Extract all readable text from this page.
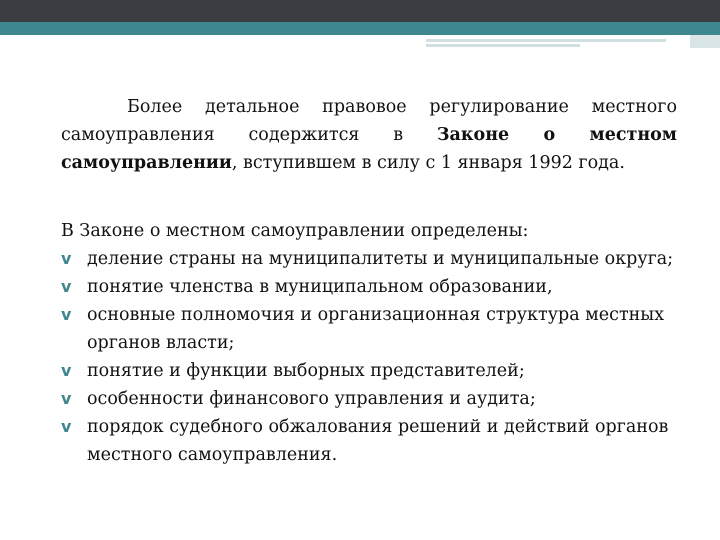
Более детальное правовое регулирование местного самоуправления содержится в Законе о местном самоуправлении, вступившем в силу с 1 января 1992 года.

В Законе о местном самоуправлении определены:

v деление страны на муниципалитеты и муниципальные округа;
v понятие членства в муниципальном образовании,
v основные полномочия и организационная структура местных органов власти;
v понятие и функции выборных представителей;
v особенности финансового управления и аудита;
v порядок судебного обжалования решений и действий органов местного самоуправления.
